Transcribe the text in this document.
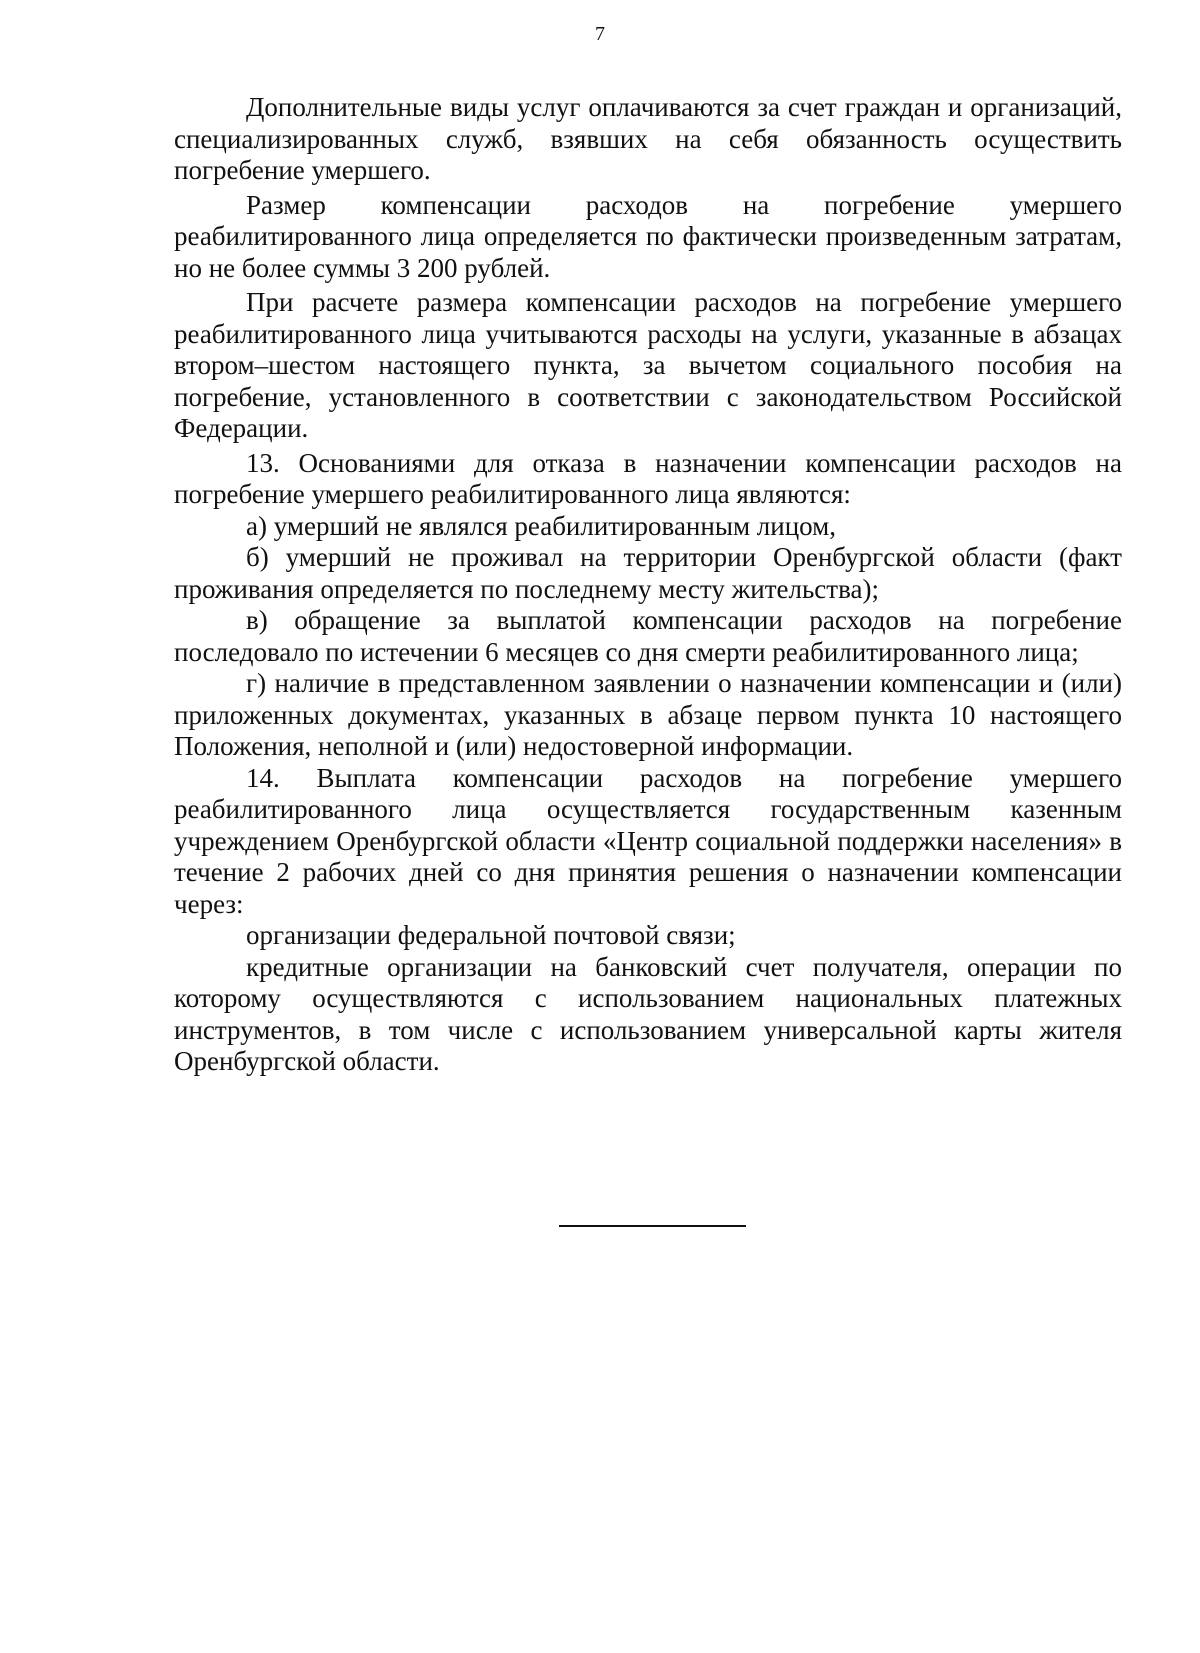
7

Дополнительные виды услуг оплачиваются за счет граждан и организаций, специализированных служб, взявших на себя обязанность осуществить погребение умершего.

Размер компенсации расходов на погребение умершего реабилитированного лица определяется по фактически произведенным затратам, но не более суммы 3 200 рублей.

При расчете размера компенсации расходов на погребение умершего реабилитированного лица учитываются расходы на услуги, указанные в абзацах втором–шестом настоящего пункта, за вычетом социального пособия на погребение, установленного в соответствии с законодательством Российской Федерации.

13. Основаниями для отказа в назначении компенсации расходов на погребение умершего реабилитированного лица являются:

а) умерший не являлся реабилитированным лицом,

б) умерший не проживал на территории Оренбургской области (факт проживания определяется по последнему месту жительства);

в) обращение за выплатой компенсации расходов на погребение последовало по истечении 6 месяцев со дня смерти реабилитированного лица;

г) наличие в представленном заявлении о назначении компенсации и (или) приложенных документах, указанных в абзаце первом пункта 10 настоящего Положения, неполной и (или) недостоверной информации.

14. Выплата компенсации расходов на погребение умершего реабилитированного лица осуществляется государственным казенным учреждением Оренбургской области «Центр социальной поддержки населения» в течение 2 рабочих дней со дня принятия решения о назначении компенсации через:

организации федеральной почтовой связи;

кредитные организации на банковский счет получателя, операции по которому осуществляются с использованием национальных платежных инструментов, в том числе с использованием универсальной карты жителя Оренбургской области.
